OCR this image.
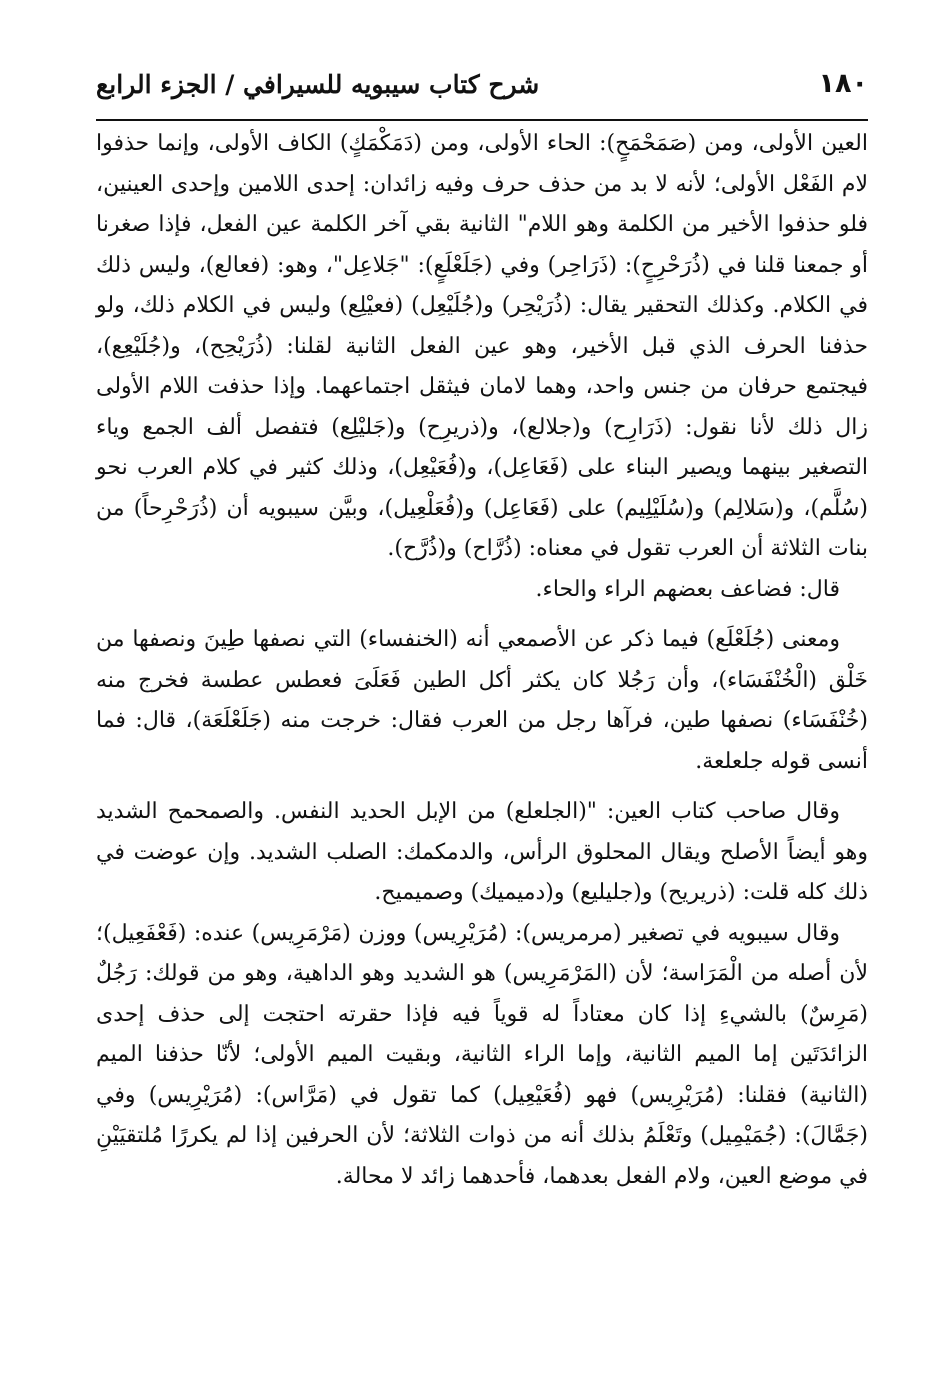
١٨٠
شرح كتاب سيبويه للسيرافي / الجزء الرابع

العين الأولى، ومن (صَمَحْمَحٍ): الحاء الأولى، ومن (دَمَكْمَكٍ) الكاف الأولى، وإنما حذفوا لام الفَعْل الأولى؛ لأنه لا بد من حذف حرف وفيه زائدان: إحدى اللامين وإحدى العينين، فلو حذفوا الأخير من الكلمة وهو اللام" الثانية بقي آخر الكلمة عين الفعل، فإذا صغرنا أو جمعنا قلنا في (ذُرَحْرِحٍ): (ذَرَاحِر) وفي (جَلَعْلَعٍ): "جَلاعِل"، وهو: (فعالع)، وليس ذلك في الكلام. وكذلك التحقير يقال: (ذُرَيْحِر) و(جُلَيْعِل) (فعيْلِع) وليس في الكلام ذلك، ولو حذفنا الحرف الذي قبل الأخير، وهو عين الفعل الثانية لقلنا: (ذُرَيْحِح)، و(جُلَيْعِع)، فيجتمع حرفان من جنس واحد، وهما لامان فيثقل اجتماعهما. وإذا حذفت اللام الأولى زال ذلك لأنا نقول: (ذَرَارِح) و(جلالع)، و(ذريرِح) و(جَليْلِع) فتفصل ألف الجمع وياء التصغير بينهما ويصير البناء على (فَعَاعِل)، و(فُعَيْعِل)، وذلك كثير في كلام العرب نحو (سُلَّم)، و(سَلالِم) و(سُلَيْلِيم) على (فَعَاعِل) و(فُعَلْعِيل)، وبيَّن سيبويه أن (ذُرَحْرِحاً) من بنات الثلاثة أن العرب تقول في معناه: (ذُرَّاح) و(ذُرَّح).

قال: فضاعف بعضهم الراء والحاء.

ومعنى (جُلَعْلَع) فيما ذكر عن الأصمعي أنه (الخنفساء) التي نصفها طِينَ ونصفها من خَلْق (الْخُنْفَسَاء)، وأن رَجُلا كان يكثر أكل الطين فَعَلَىَ فعطس عطسة فخرج منه (خُنْفَسَاء) نصفها طين، فرآها رجل من العرب فقال: خرجت منه (جَلَعْلَعَة)، قال: فما أنسى قوله جلعلعة.

وقال صاحب كتاب العين: "(الجلعلع) من الإبل الحديد النفس. والصمحمح الشديد وهو أيضاً الأصلح ويقال المحلوق الرأس، والدمكمك: الصلب الشديد. وإن عوضت في ذلك كله قلت: (ذريريح) و(جليليع) و(دميميك) وصميميح.

وقال سيبويه في تصغير (مرمريس): (مُرَيْرِيس) ووزن (مَرْمَرِيس) عنده: (فَعْفَعِيل)؛ لأن أصله من الْمَرَاسة؛ لأن (المَرْمَرِيس) هو الشديد وهو الداهية، وهو من قولك: رَجُلٌ (مَرِسٌ) بالشيءِ إذا كان معتاداً له قوياً فيه فإذا حقرته احتجت إلى حذف إحدى الزائدَتَين إما الميم الثانية، وإما الراء الثانية، وبقيت الميم الأولى؛ لأنّا حذفنا الميم (الثانية) فقلنا: (مُرَيْرِيس) فهو (فُعَيْعِيل) كما تقول في (مَرَّاس): (مُرَيْرِيس) وفي (جَمَّالَ): (جُمَيْمِيل) وتَعْلَمُ بذلك أنه من ذوات الثلاثة؛ لأن الحرفين إذا لم يكررًا مُلتقيَيْنِ في موضع العين، ولام الفعل بعدهما، فأحدهما زائد لا محالة.
